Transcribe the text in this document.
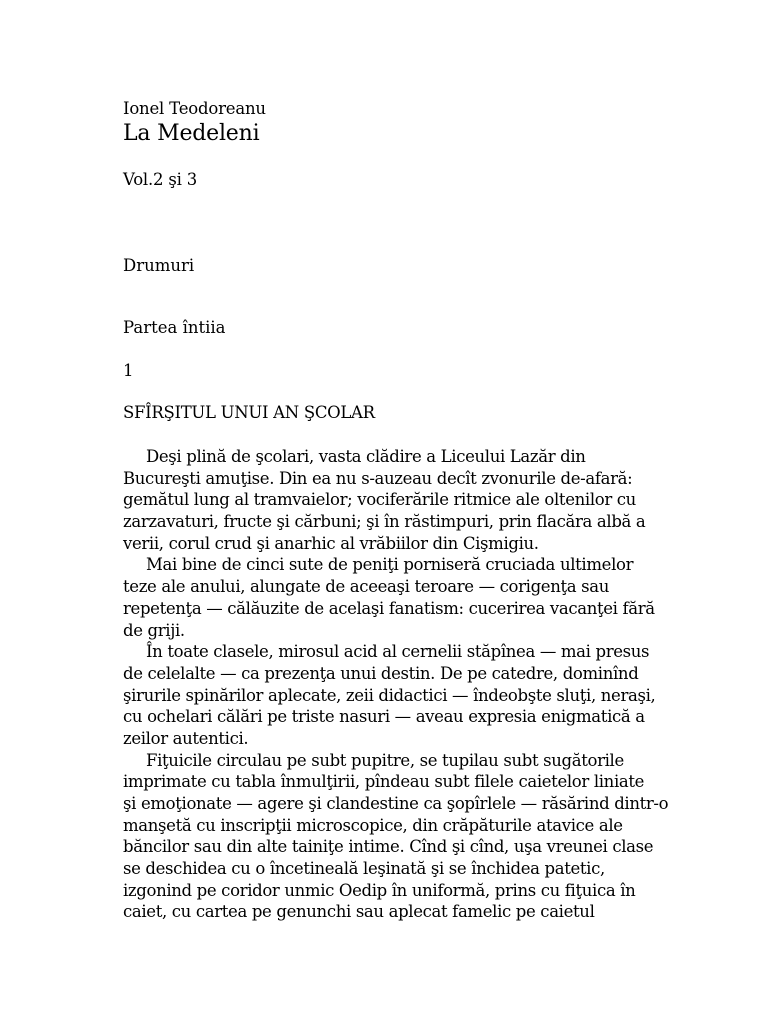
Ionel Teodoreanu
La Medeleni
Vol.2 şi 3
Drumuri
Partea întiia
1
SFÎRŞITUL UNUI AN ŞCOLAR
Deşi plină de şcolari, vasta clădire a Liceului Lazăr din
Bucureşti amuţise. Din ea nu s-auzeau decît zvonurile de-afară:
gemătul lung al tramvaielor; vociferările ritmice ale oltenilor cu
zarzavaturi, fructe şi cărbuni; şi în răstimpuri, prin flacăra albă a
verii, corul crud şi anarhic al vrăbiilor din Cişmigiu.
Mai bine de cinci sute de peniţi porniseră cruciada ultimelor
teze ale anului, alungate de aceeaşi teroare — corigenţa sau
repetenţa — călăuzite de acelaşi fanatism: cucerirea vacanţei fără
de griji.
În toate clasele, mirosul acid al cernelii stăpînea — mai presus
de celelalte — ca prezenţa unui destin. De pe catedre, dominînd
şirurile spinărilor aplecate, zeii didactici — îndeobşte sluţi, neraşi,
cu ochelari călări pe triste nasuri — aveau expresia enigmatică a
zeilor autentici.
Fiţuicile circulau pe subt pupitre, se tupilau subt sugătorile
imprimate cu tabla înmulţirii, pîndeau subt filele caietelor liniate
şi emoţionate — agere şi clandestine ca şopîrlele — răsărind dintr-o
manşetă cu inscripţii microscopice, din crăpăturile atavice ale
băncilor sau din alte tainiţe intime. Cînd şi cînd, uşa vreunei clase
se deschidea cu o încetineală leşinată şi se închidea patetic,
izgonind pe coridor unmic Oedip în uniformă, prins cu fiţuica în
caiet, cu cartea pe genunchi sau aplecat famelic pe caietul
